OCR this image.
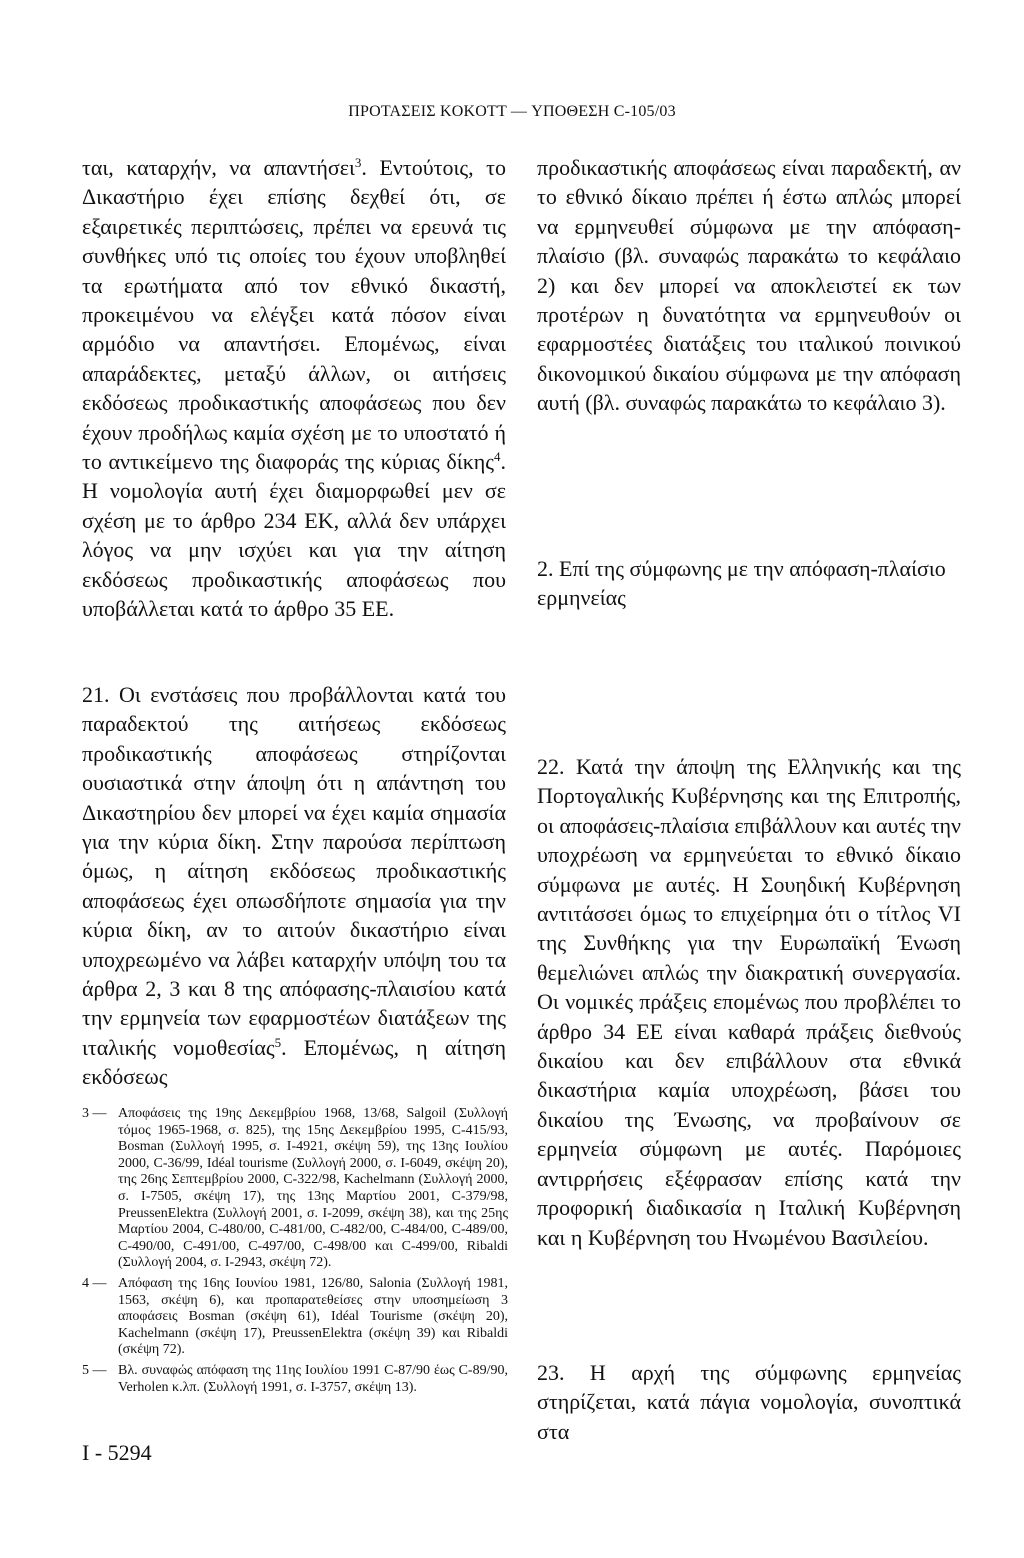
ΠΡΟΤΑΣΕΙΣ KOKOTT — ΥΠΟΘΕΣΗ C-105/03

ται, καταρχήν, να απαντήσει$^3$. Εντούτοις, το Δικαστήριο έχει επίσης δεχθεί ότι, σε εξαιρετικές περιπτώσεις, πρέπει να ερευνά τις συνθήκες υπό τις οποίες του έχουν υποβληθεί τα ερωτήματα από τον εθνικό δικαστή, προκειμένου να ελέγξει κατά πόσον είναι αρμόδιο να απαντήσει. Επομένως, είναι απαράδεκτες, μεταξύ άλλων, οι αιτήσεις εκδόσεως προδικαστικής αποφάσεως που δεν έχουν προδήλως καμία σχέση με το υποστατό ή το αντικείμενο της διαφοράς της κύριας δίκης$^4$. Η νομολογία αυτή έχει διαμορφωθεί μεν σε σχέση με το άρθρο 234 ΕΚ, αλλά δεν υπάρχει λόγος να μην ισχύει και για την αίτηση εκδόσεως προδικαστικής αποφάσεως που υποβάλλεται κατά το άρθρο 35 ΕΕ.

προδικαστικής αποφάσεως είναι παραδεκτή, αν το εθνικό δίκαιο πρέπει ή έστω απλώς μπορεί να ερμηνευθεί σύμφωνα με την απόφαση-πλαίσιο (βλ. συναφώς παρακάτω το κεφάλαιο 2) και δεν μπορεί να αποκλειστεί εκ των προτέρων η δυνατότητα να ερμηνευθούν οι εφαρμοστέες διατάξεις του ιταλικού ποινικού δικονομικού δικαίου σύμφωνα με την απόφαση αυτή (βλ. συναφώς παρακάτω το κεφάλαιο 3).

2. Επί της σύμφωνης με την απόφαση-πλαίσιο ερμηνείας

21. Οι ενστάσεις που προβάλλονται κατά του παραδεκτού της αιτήσεως εκδόσεως προδικαστικής αποφάσεως στηρίζονται ουσιαστικά στην άποψη ότι η απάντηση του Δικαστηρίου δεν μπορεί να έχει καμία σημασία για την κύρια δίκη. Στην παρούσα περίπτωση όμως, η αίτηση εκδόσεως προδικαστικής αποφάσεως έχει οπωσδήποτε σημασία για την κύρια δίκη, αν το αιτούν δικαστήριο είναι υποχρεωμένο να λάβει καταρχήν υπόψη του τα άρθρα 2, 3 και 8 της απόφασης-πλαισίου κατά την ερμηνεία των εφαρμοστέων διατάξεων της ιταλικής νομοθεσίας$^5$. Επομένως, η αίτηση εκδόσεως

22. Κατά την άποψη της Ελληνικής και της Πορτογαλικής Κυβέρνησης και της Επιτροπής, οι αποφάσεις-πλαίσια επιβάλλουν και αυτές την υποχρέωση να ερμηνεύεται το εθνικό δίκαιο σύμφωνα με αυτές. Η Σουηδική Κυβέρνηση αντιτάσσει όμως το επιχείρημα ότι ο τίτλος VI της Συνθήκης για την Ευρωπαϊκή Ένωση θεμελιώνει απλώς την διακρατική συνεργασία. Οι νομικές πράξεις επομένως που προβλέπει το άρθρο 34 ΕΕ είναι καθαρά πράξεις διεθνούς δικαίου και δεν επιβάλλουν στα εθνικά δικαστήρια καμία υποχρέωση, βάσει του δικαίου της Ένωσης, να προβαίνουν σε ερμηνεία σύμφωνη με αυτές. Παρόμοιες αντιρρήσεις εξέφρασαν επίσης κατά την προφορική διαδικασία η Ιταλική Κυβέρνηση και η Κυβέρνηση του Ηνωμένου Βασιλείου.

23. Η αρχή της σύμφωνης ερμηνείας στηρίζεται, κατά πάγια νομολογία, συνοπτικά στα

3 — Αποφάσεις της 19ης Δεκεμβρίου 1968, 13/68, Salgoil (Συλλογή τόμος 1965-1968, σ. 825), της 15ης Δεκεμβρίου 1995, C-415/93, Bosman (Συλλογή 1995, σ. I-4921, σκέψη 59), της 13ης Ιουλίου 2000, C-36/99, Idéal tourisme (Συλλογή 2000, σ. I-6049, σκέψη 20), της 26ης Σεπτεμβρίου 2000, C-322/98, Kachelmann (Συλλογή 2000, σ. I-7505, σκέψη 17), της 13ης Μαρτίου 2001, C-379/98, PreussenElektra (Συλλογή 2001, σ. I-2099, σκέψη 38), και της 25ης Μαρτίου 2004, C-480/00, C-481/00, C-482/00, C-484/00, C-489/00, C-490/00, C-491/00, C-497/00, C-498/00 και C-499/00, Ribaldi (Συλλογή 2004, σ. I-2943, σκέψη 72).
4 — Απόφαση της 16ης Ιουνίου 1981, 126/80, Salonia (Συλλογή 1981, 1563, σκέψη 6), και προπαρατεθείσες στην υποσημείωση 3 αποφάσεις Bosman (σκέψη 61), Idéal Tourisme (σκέψη 20), Kachelmann (σκέψη 17), PreussenElektra (σκέψη 39) και Ribaldi (σκέψη 72).
5 — Βλ. συναφώς απόφαση της 11ης Ιουλίου 1991 C-87/90 έως C-89/90, Verholen κ.λπ. (Συλλογή 1991, σ. I-3757, σκέψη 13).
I - 5294
